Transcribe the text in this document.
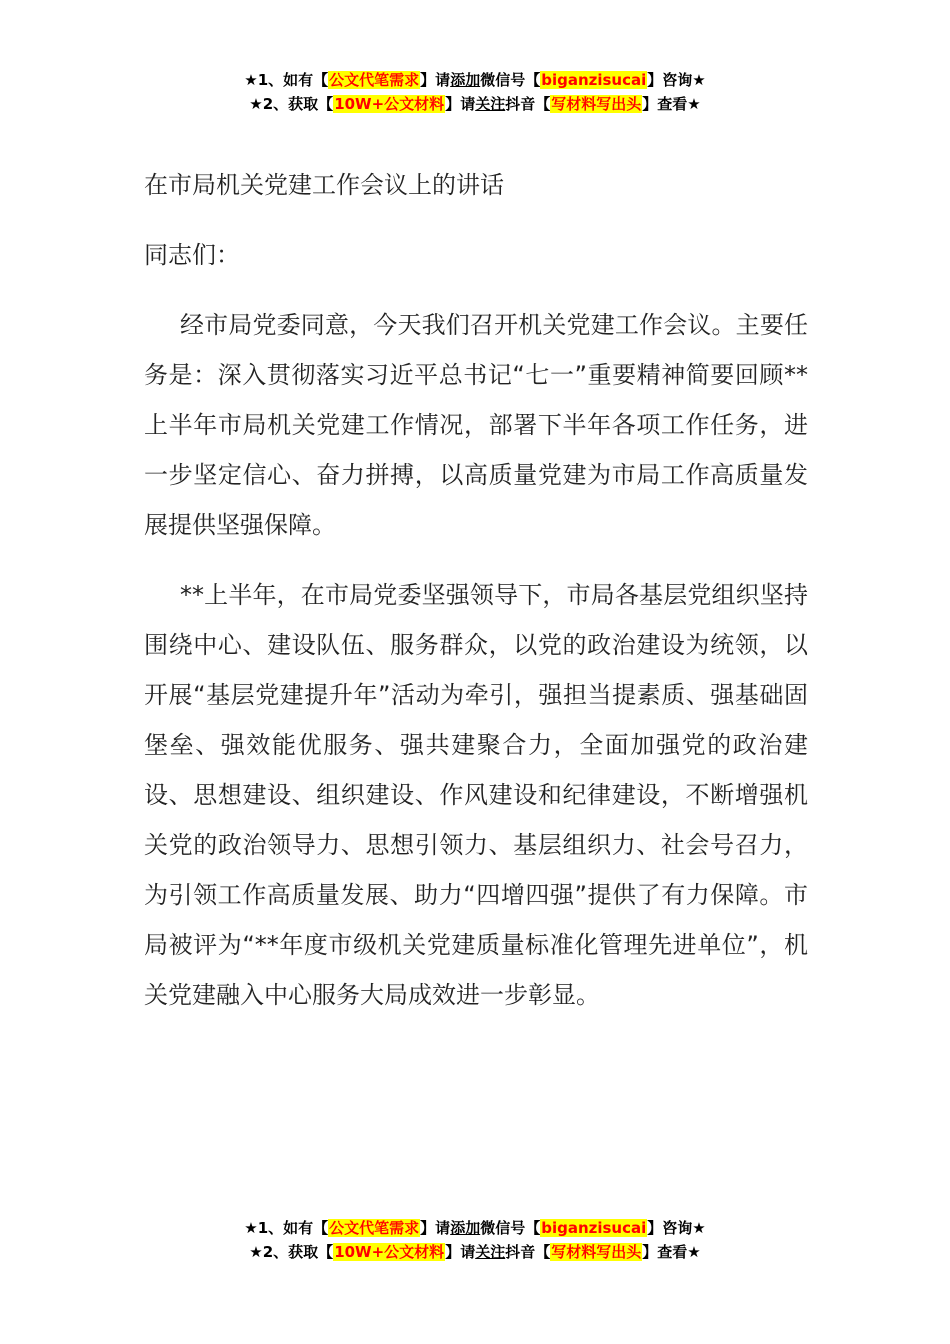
★1、如有【公文代笔需求】请添加微信号【biganzisucai】咨询★
★2、获取【10W+公文材料】请关注抖音【写材料写出头】查看★
在市局机关党建工作会议上的讲话
同志们：

经市局党委同意，今天我们召开机关党建工作会议。主要任务是：深入贯彻落实习近平总书记“七一”重要精神简要回顾**上半年市局机关党建工作情况，部署下半年各项工作任务，进一步坚定信心、奋力拼搏，以高质量党建为市局工作高质量发展提供坚强保障。

**上半年，在市局党委坚强领导下，市局各基层党组织坚持围绕中心、建设队伍、服务群众，以党的政治建设为统领，以开展“基层党建提升年”活动为牵引，强担当提素质、强基础固堡垒、强效能优服务、强共建聚合力，全面加强党的政治建设、思想建设、组织建设、作风建设和纪律建设，不断增强机关党的政治领导力、思想引领力、基层组织力、社会号召力，为引领工作高质量发展、助力“四增四强”提供了有力保障。市局被评为“**年度市级机关党建质量标准化管理先进单位”，机关党建融入中心服务大局成效进一步彰显。

★1、如有【公文代笔需求】请添加微信号【biganzisucai】咨询★
★2、获取【10W+公文材料】请关注抖音【写材料写出头】查看★
